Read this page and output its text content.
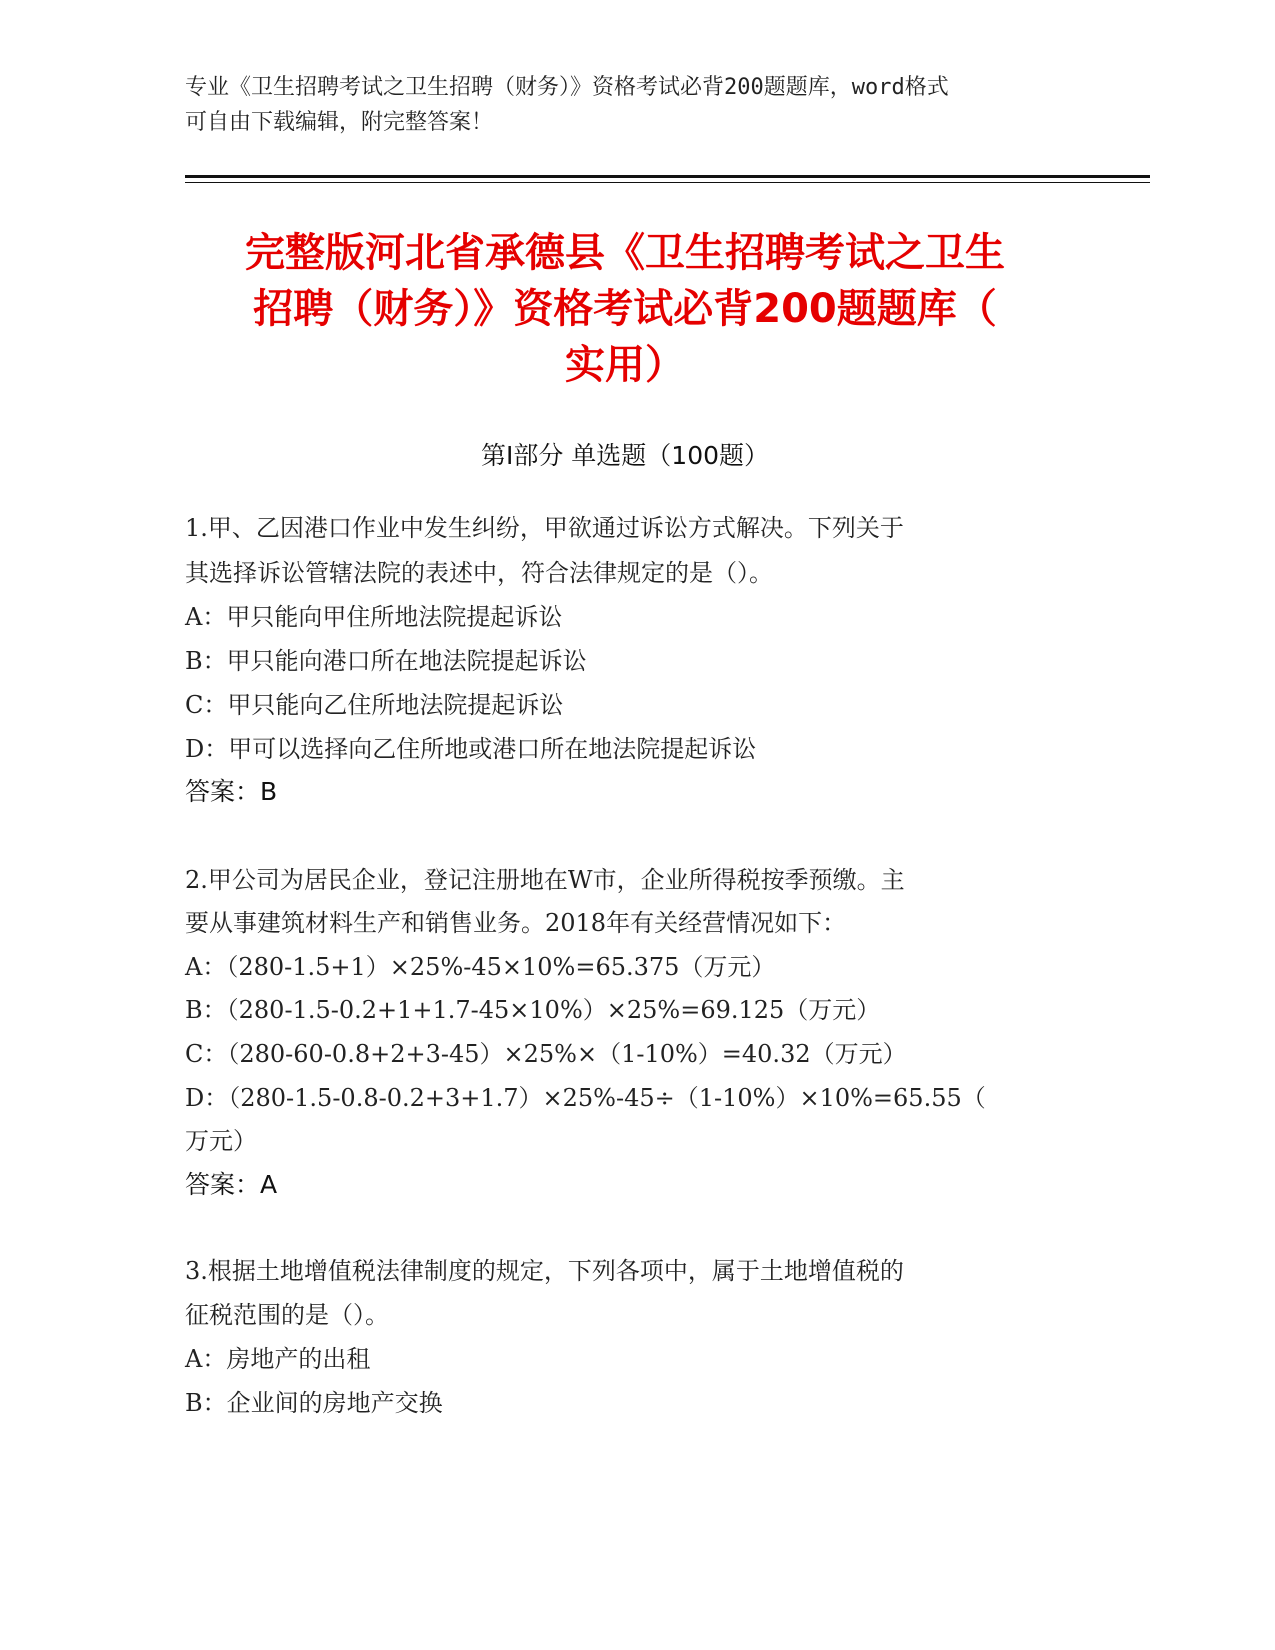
专业《卫生招聘考试之卫生招聘（财务）》资格考试必背200题题库，word格式

可自由下载编辑，附完整答案！

完整版河北省承德县《卫生招聘考试之卫生

招聘（财务）》资格考试必背200题题库（

实用）

第Ⅰ部分 单选题（100题）
1.甲、乙因港口作业中发生纠纷，甲欲通过诉讼方式解决。下列关于
其选择诉讼管辖法院的表述中，符合法律规定的是（）。
A：甲只能向甲住所地法院提起诉讼
B：甲只能向港口所在地法院提起诉讼
C：甲只能向乙住所地法院提起诉讼
D：甲可以选择向乙住所地或港口所在地法院提起诉讼
答案：B
2.甲公司为居民企业，登记注册地在W市，企业所得税按季预缴。主
要从事建筑材料生产和销售业务。2018年有关经营情况如下：
A：（280-1.5+1）×25%-45×10%=65.375（万元）
B：（280-1.5-0.2+1+1.7-45×10%）×25%=69.125（万元）
C：（280-60-0.8+2+3-45）×25%×（1-10%）=40.32（万元）
D：（280-1.5-0.8-0.2+3+1.7）×25%-45÷（1-10%）×10%=65.55（
万元）
答案：A
3.根据土地增值税法律制度的规定，下列各项中，属于土地增值税的
征税范围的是（）。
A：房地产的出租
B：企业间的房地产交换
